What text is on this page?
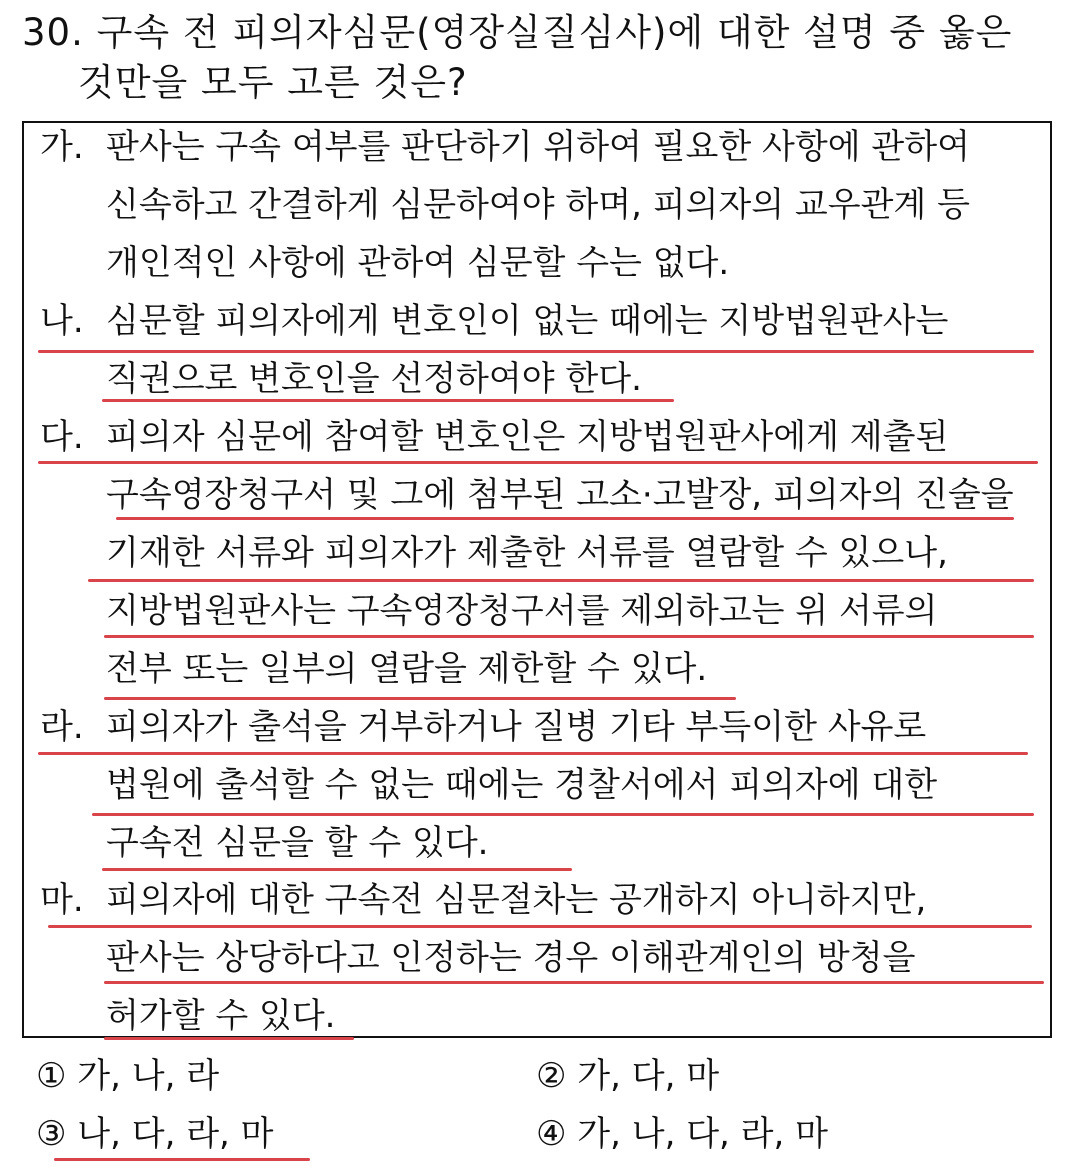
30. 구속 전 피의자심문(영장실질심사)에 대한 설명 중 옳은
것만을 모두 고른 것은?
가. 판사는 구속 여부를 판단하기 위하여 필요한 사항에 관하여
신속하고 간결하게 심문하여야 하며, 피의자의 교우관계 등
개인적인 사항에 관하여 심문할 수는 없다.
나. 심문할 피의자에게 변호인이 없는 때에는 지방법원판사는
직권으로 변호인을 선정하여야 한다.
다. 피의자 심문에 참여할 변호인은 지방법원판사에게 제출된
구속영장청구서 및 그에 첨부된 고소·고발장, 피의자의 진술을
기재한 서류와 피의자가 제출한 서류를 열람할 수 있으나,
지방법원판사는 구속영장청구서를 제외하고는 위 서류의
전부 또는 일부의 열람을 제한할 수 있다.
라. 피의자가 출석을 거부하거나 질병 기타 부득이한 사유로
법원에 출석할 수 없는 때에는 경찰서에서 피의자에 대한
구속전 심문을 할 수 있다.
마. 피의자에 대한 구속전 심문절차는 공개하지 아니하지만,
판사는 상당하다고 인정하는 경우 이해관계인의 방청을
허가할 수 있다.
① 가, 나, 라	② 가, 다, 마
③ 나, 다, 라, 마	④ 가, 나, 다, 라, 마
